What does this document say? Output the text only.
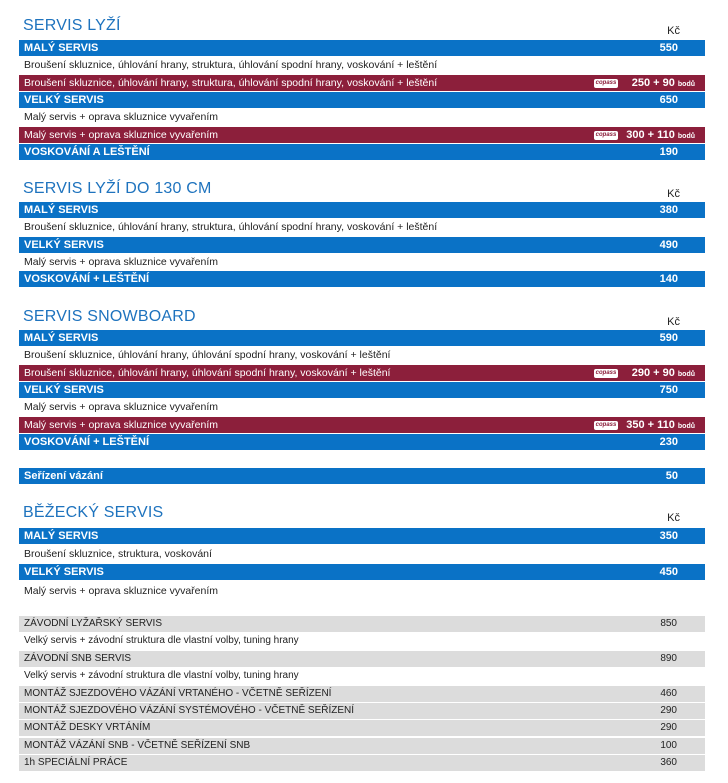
SERVIS LYŽÍ	Kč
MALÝ SERVIS	550
Broušení skluznice, úhlování hrany, struktura, úhlování spodní hrany, voskování + leštění
Broušení skluznice, úhlování hrany, struktura, úhlování spodní hrany, voskování + leštění	copass 250 + 90 bodů
VELKÝ SERVIS	650
Malý servis + oprava skluznice vyvařením
Malý servis + oprava skluznice vyvařením	copass 300 + 110 bodů
VOSKOVÁNÍ A LEŠTĚNÍ	190
SERVIS LYŽÍ DO 130 CM	Kč
MALÝ SERVIS	380
Broušení skluznice, úhlování hrany, struktura, úhlování spodní hrany, voskování + leštění
VELKÝ SERVIS	490
Malý servis + oprava skluznice vyvařením
VOSKOVÁNÍ + LEŠTĚNÍ	140
SERVIS SNOWBOARD	Kč
MALÝ SERVIS	590
Broušení skluznice, úhlování hrany, úhlování spodní hrany, voskování + leštění
Broušení skluznice, úhlování hrany, úhlování spodní hrany, voskování + leštění	copass 290 + 90 bodů
VELKÝ SERVIS	750
Malý servis + oprava skluznice vyvařením
Malý servis + oprava skluznice vyvařením	copass 350 + 110 bodů
VOSKOVÁNÍ + LEŠTĚNÍ	230
Seřízení vázání	50
BĚŽECKÝ SERVIS	Kč
MALÝ SERVIS	350
Broušení skluznice, struktura, voskování
VELKÝ SERVIS	450
Malý servis + oprava skluznice vyvařením
ZÁVODNÍ LYŽAŘSKÝ SERVIS	850
Velký servis + závodní struktura dle vlastní volby, tuning hrany
ZÁVODNÍ SNB SERVIS	890
Velký servis + závodní struktura dle vlastní volby, tuning hrany
MONTÁŽ SJEZDOVÉHO VÁZÁNÍ VRTANÉHO - VČETNĚ SEŘÍZENÍ	460
MONTÁŽ SJEZDOVÉHO VÁZÁNÍ SYSTÉMOVÉHO - VČETNĚ SEŘÍZENÍ	290
MONTÁŽ DESKY VRTÁNÍM	290
MONTÁŽ VÁZÁNÍ SNB - VČETNĚ SEŘÍZENÍ SNB	100
1h SPECIÁLNÍ PRÁCE	360
